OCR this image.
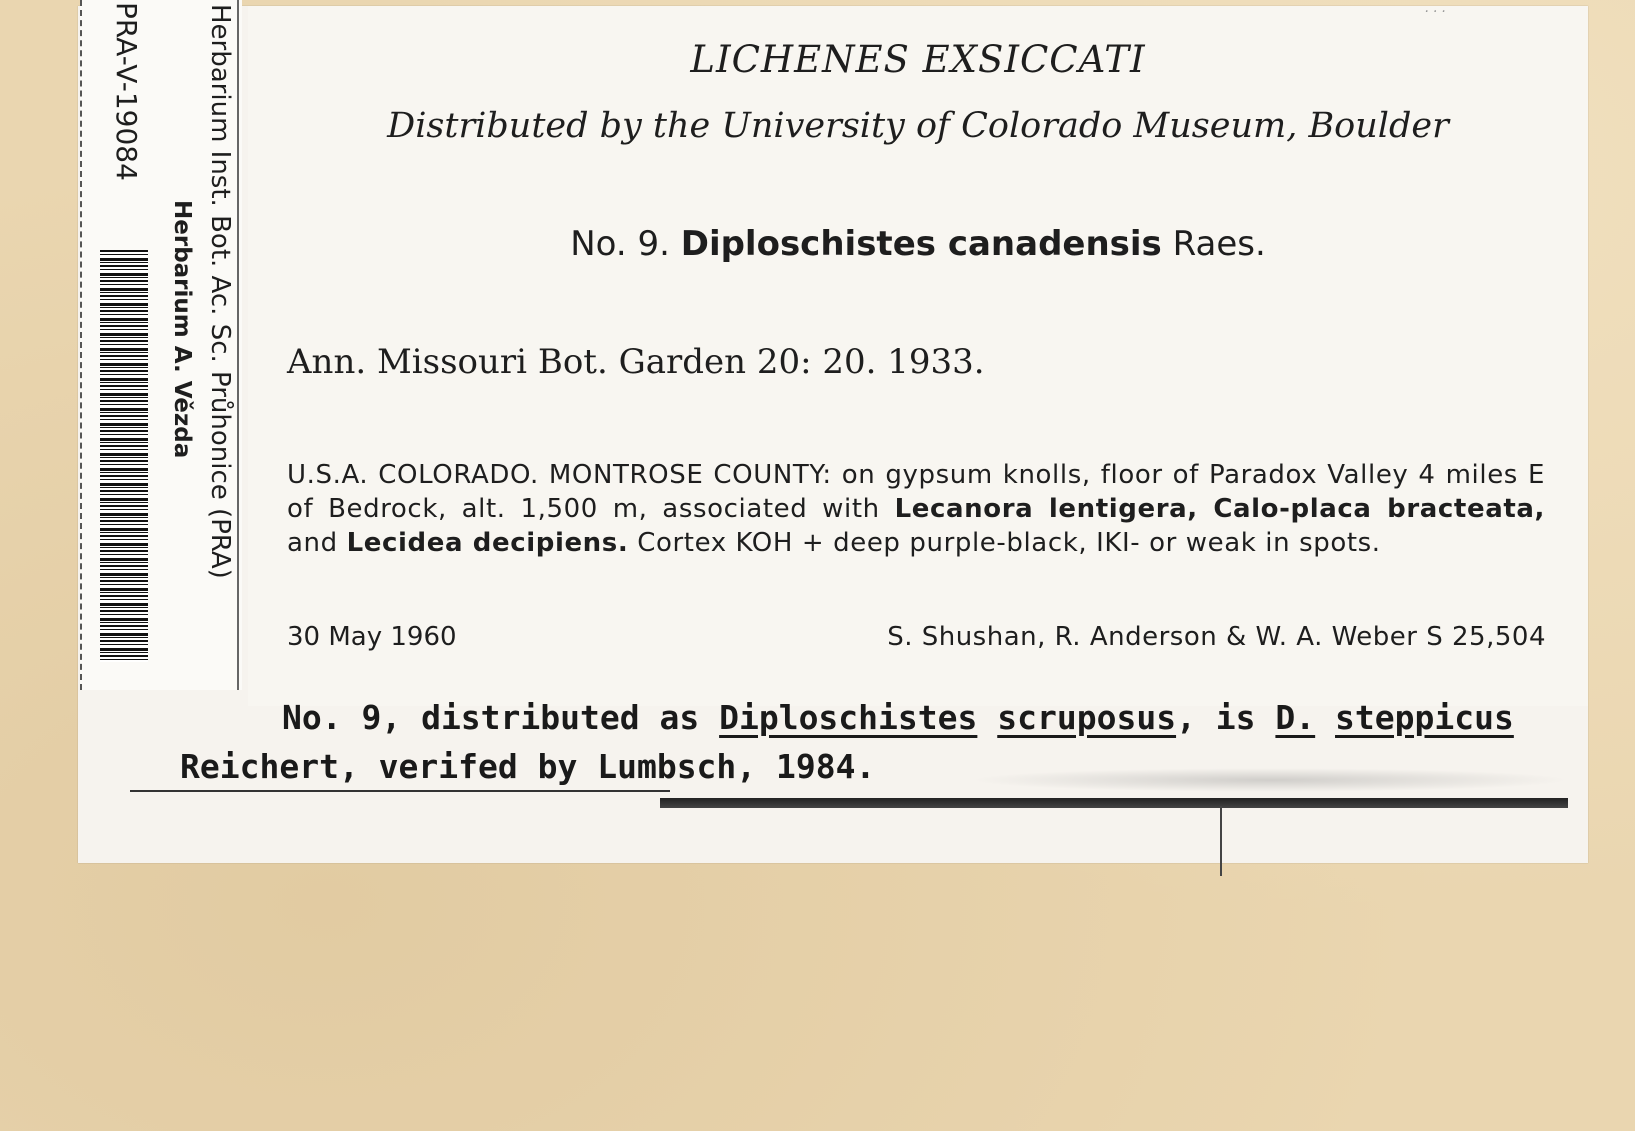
...
LICHENES EXSICCATI
Distributed by the University of Colorado Museum, Boulder
No. 9. Diploschistes canadensis Raes.
Ann. Missouri Bot. Garden 20: 20. 1933.
U.S.A. COLORADO. MONTROSE COUNTY: on gypsum knolls, floor of Paradox Valley 4 miles E of Bedrock, alt. 1,500 m, associated with Lecanora lentigera, Calo-placa bracteata, and Lecidea decipiens. Cortex KOH + deep purple-black, IKI- or weak in spots.
30 May 1960	S. Shushan, R. Anderson & W. A. Weber S 25,504
No. 9, distributed as Diploschistes scruposus, is D. steppicus
Reichert, verifed by Lumbsch, 1984.
Herbarium Inst. Bot. Ac. Sc. Průhonice (PRA)
Herbarium A. Vězda
PRA-V-19084
